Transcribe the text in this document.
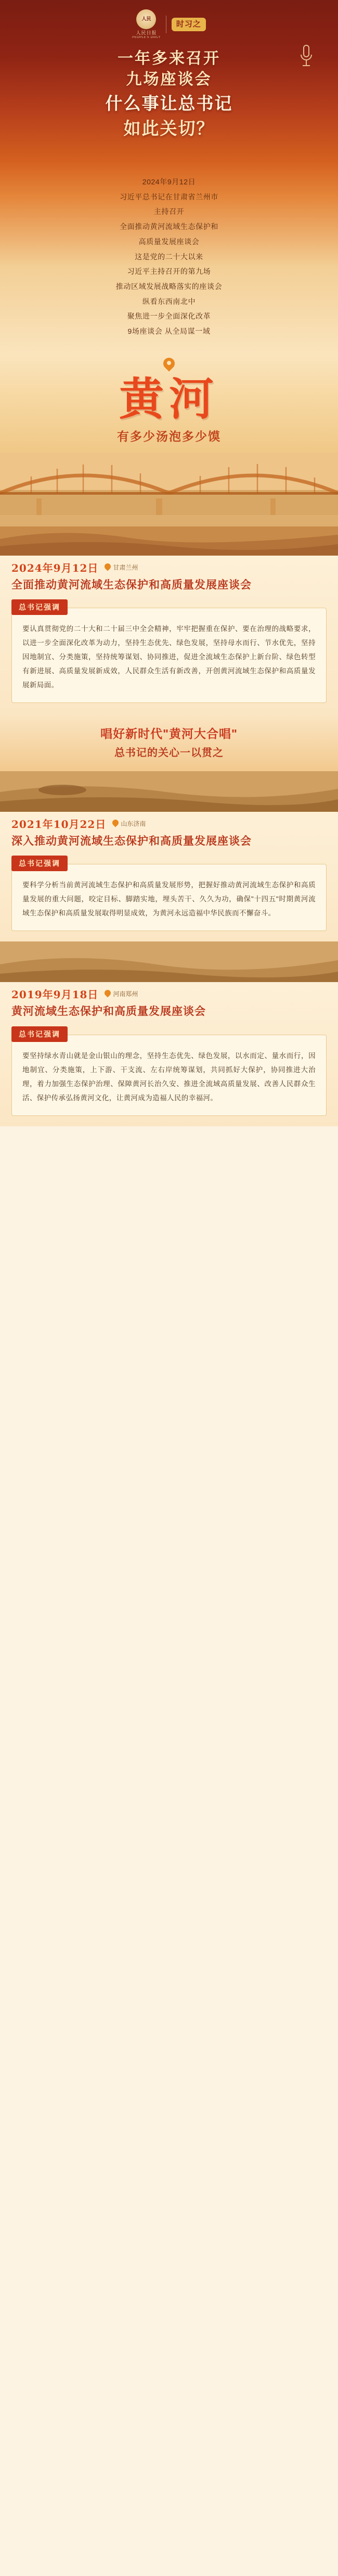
人民
人民日报
PEOPLE'S DAILY
时习之
一年多来召开
九场座谈会
什么事让总书记
如此关切？

2024年9月12日

习近平总书记在甘肃省兰州市

主持召开

全面推动黄河流域生态保护和

高质量发展座谈会

这是党的二十大以来

习近平主持召开的第九场

推动区域发展战略落实的座谈会

纵看东西南北中

聚焦进一步全面深化改革

9场座谈会 从全局谋一域

黄河
有多少汤泡多少馍
2024年9月12日 甘肃兰州
全面推动黄河流域生态保护和高质量发展座谈会
总书记强调
要认真贯彻党的二十大和二十届三中全会精神，牢牢把握重在保护、要在治理的战略要求，以进一步全面深化改革为动力，坚持生态优先、绿色发展，坚持母水而行、节水优先，坚持因地制宜、分类施策，坚持统筹谋划、协同推进，促进全流域生态保护上新台阶、绿色转型有新进展、高质量发展新成效，人民群众生活有新改善，开创黄河流域生态保护和高质量发展新局面。
唱好新时代"黄河大合唱"
总书记的关心一以贯之
2021年10月22日 山东济南
深入推动黄河流域生态保护和高质量发展座谈会
总书记强调
要科学分析当前黄河流域生态保护和高质量发展形势，把握好推动黄河流域生态保护和高质量发展的重大问题，咬定目标、脚踏实地，埋头苦干、久久为功，确保"十四五"时期黄河流域生态保护和高质量发展取得明显成效，为黄河永远造福中华民族而不懈奋斗。
2019年9月18日 河南郑州
黄河流域生态保护和高质量发展座谈会
总书记强调
要坚持绿水青山就是金山银山的理念，坚持生态优先、绿色发展，以水而定、量水而行，因地制宜、分类施策，上下游、干支流、左右岸统筹谋划，共同抓好大保护，协同推进大治理，着力加强生态保护治理、保障黄河长治久安、推进全流域高质量发展、改善人民群众生活、保护传承弘扬黄河文化，让黄河成为造福人民的幸福河。
